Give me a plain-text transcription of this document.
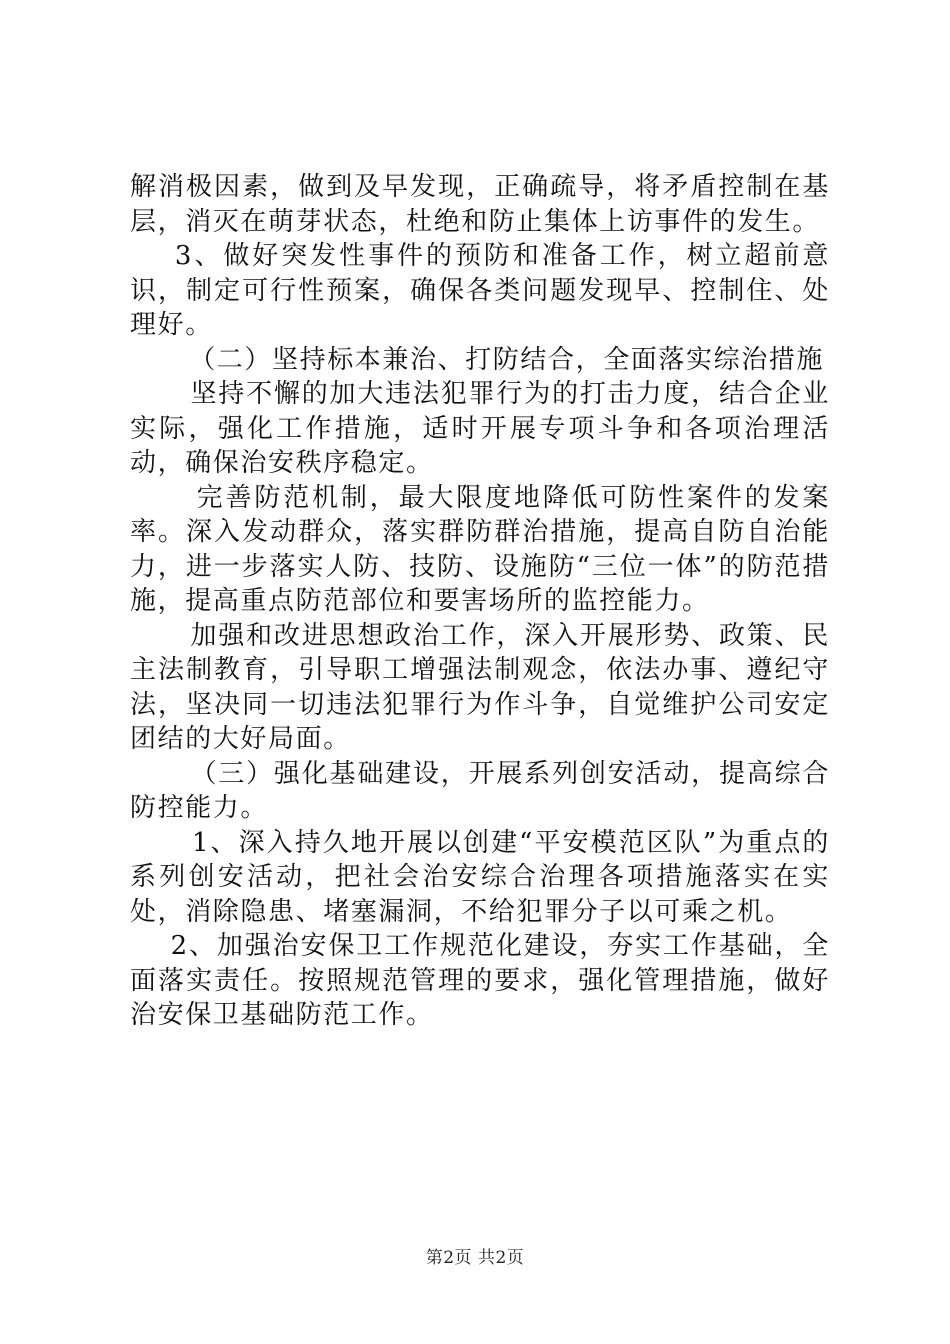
解消极因素，做到及早发现，正确疏导，将矛盾控制在基层，消灭在萌芽状态，杜绝和防止集体上访事件的发生。

3、做好突发性事件的预防和准备工作，树立超前意识，制定可行性预案，确保各类问题发现早、控制住、处理好。

（二）坚持标本兼治、打防结合，全面落实综治措施

坚持不懈的加大违法犯罪行为的打击力度，结合企业实际，强化工作措施，适时开展专项斗争和各项治理活动，确保治安秩序稳定。

完善防范机制，最大限度地降低可防性案件的发案率。深入发动群众，落实群防群治措施，提高自防自治能力，进一步落实人防、技防、设施防“三位一体”的防范措施，提高重点防范部位和要害场所的监控能力。

加强和改进思想政治工作，深入开展形势、政策、民主法制教育，引导职工增强法制观念，依法办事、遵纪守法，坚决同一切违法犯罪行为作斗争，自觉维护公司安定团结的大好局面。

（三）强化基础建设，开展系列创安活动，提高综合防控能力。

1、深入持久地开展以创建“平安模范区队”为重点的系列创安活动，把社会治安综合治理各项措施落实在实处，消除隐患、堵塞漏洞，不给犯罪分子以可乘之机。

2、加强治安保卫工作规范化建设，夯实工作基础，全面落实责任。按照规范管理的要求，强化管理措施，做好治安保卫基础防范工作。

第2页 共2页
